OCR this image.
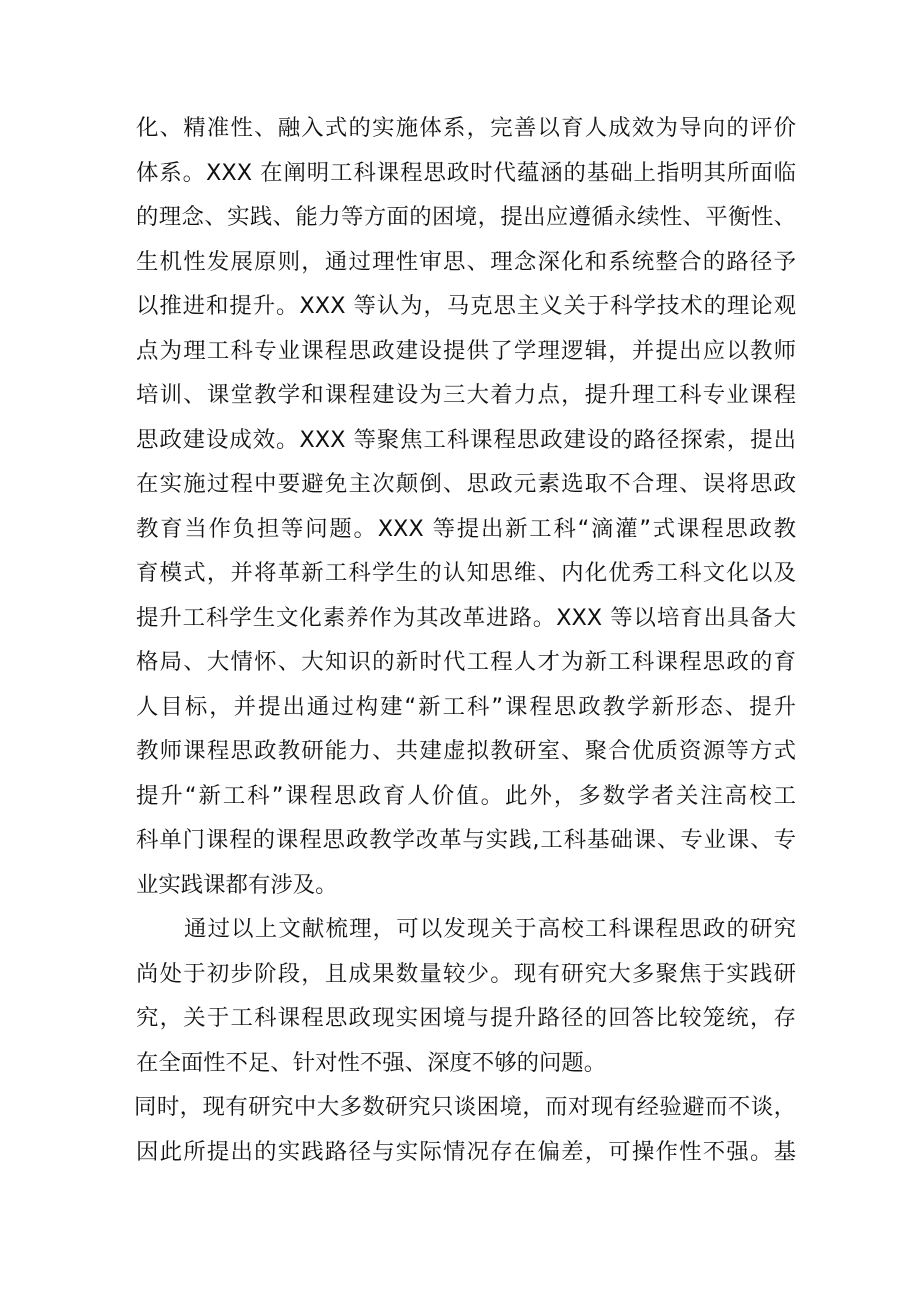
化、精准性、融入式的实施体系，完善以育人成效为导向的评价
体系。XXX 在阐明工科课程思政时代蕴涵的基础上指明其所面临
的理念、实践、能力等方面的困境，提出应遵循永续性、平衡性、
生机性发展原则，通过理性审思、理念深化和系统整合的路径予
以推进和提升。XXX 等认为，马克思主义关于科学技术的理论观
点为理工科专业课程思政建设提供了学理逻辑，并提出应以教师
培训、课堂教学和课程建设为三大着力点，提升理工科专业课程
思政建设成效。XXX 等聚焦工科课程思政建设的路径探索，提出
在实施过程中要避免主次颠倒、思政元素选取不合理、误将思政
教育当作负担等问题。XXX 等提出新工科“滴灌”式课程思政教
育模式，并将革新工科学生的认知思维、内化优秀工科文化以及
提升工科学生文化素养作为其改革进路。XXX 等以培育出具备大
格局、大情怀、大知识的新时代工程人才为新工科课程思政的育
人目标，并提出通过构建“新工科”课程思政教学新形态、提升
教师课程思政教研能力、共建虚拟教研室、聚合优质资源等方式
提升“新工科”课程思政育人价值。此外，多数学者关注高校工
科单门课程的课程思政教学改革与实践,工科基础课、专业课、专
业实践课都有涉及。
通过以上文献梳理，可以发现关于高校工科课程思政的研究
尚处于初步阶段，且成果数量较少。现有研究大多聚焦于实践研
究，关于工科课程思政现实困境与提升路径的回答比较笼统，存
在全面性不足、针对性不强、深度不够的问题。
同时，现有研究中大多数研究只谈困境，而对现有经验避而不谈，
因此所提出的实践路径与实际情况存在偏差，可操作性不强。基
